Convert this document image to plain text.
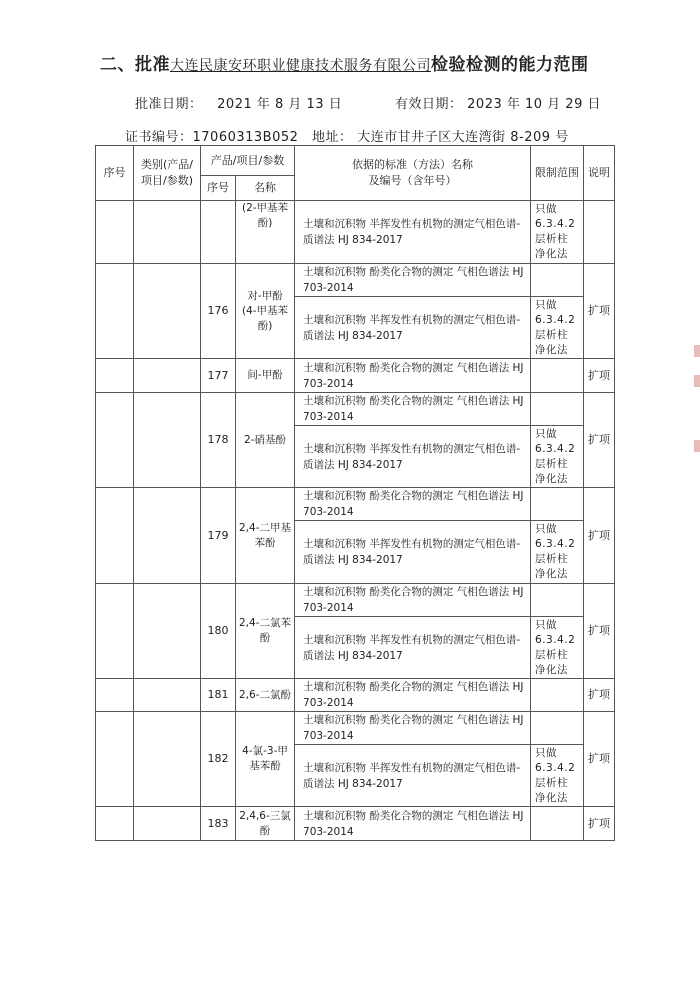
二、批准大连民康安环职业健康技术服务有限公司检验检测的能力范围
批准日期： 2021 年 8 月 13 日	有效日期： 2023 年 10 月 29 日
证书编号：17060313B052 地址： 大连市甘井子区大连湾街 8-209 号
序号	类别(产品/项目/参数)	产品/项目/参数		依据的标准（方法）名称
及编号（含年号）	限制范围	说明
		序号	名称			
			(2-甲基苯酚)	土壤和沉积物 半挥发性有机物的测定气相色谱-质谱法 HJ 834-2017	只做
6.3.4.2
层析柱
净化法	
		176	对-甲酚
(4-甲基苯酚)	土壤和沉积物 酚类化合物的测定 气相色谱法 HJ 703-2014		扩项
				土壤和沉积物 半挥发性有机物的测定气相色谱-质谱法 HJ 834-2017	只做
6.3.4.2
层析柱
净化法	
		177	间-甲酚	土壤和沉积物 酚类化合物的测定 气相色谱法 HJ 703-2014		扩项
		178	2-硝基酚	土壤和沉积物 酚类化合物的测定 气相色谱法 HJ 703-2014		扩项
				土壤和沉积物 半挥发性有机物的测定气相色谱-质谱法 HJ 834-2017	只做
6.3.4.2
层析柱
净化法	
		179	2,4-二甲基苯酚	土壤和沉积物 酚类化合物的测定 气相色谱法 HJ 703-2014		扩项
				土壤和沉积物 半挥发性有机物的测定气相色谱-质谱法 HJ 834-2017	只做
6.3.4.2
层析柱
净化法	
		180	2,4-二氯苯酚	土壤和沉积物 酚类化合物的测定 气相色谱法 HJ 703-2014		扩项
				土壤和沉积物 半挥发性有机物的测定气相色谱-质谱法 HJ 834-2017	只做
6.3.4.2
层析柱
净化法	
		181	2,6-二氯酚	土壤和沉积物 酚类化合物的测定 气相色谱法 HJ 703-2014		扩项
		182	4-氯-3-甲基苯酚	土壤和沉积物 酚类化合物的测定 气相色谱法 HJ 703-2014		扩项
				土壤和沉积物 半挥发性有机物的测定气相色谱-质谱法 HJ 834-2017	只做
6.3.4.2
层析柱
净化法	
		183	2,4,6-三氯酚	土壤和沉积物 酚类化合物的测定 气相色谱法 HJ 703-2014		扩项
